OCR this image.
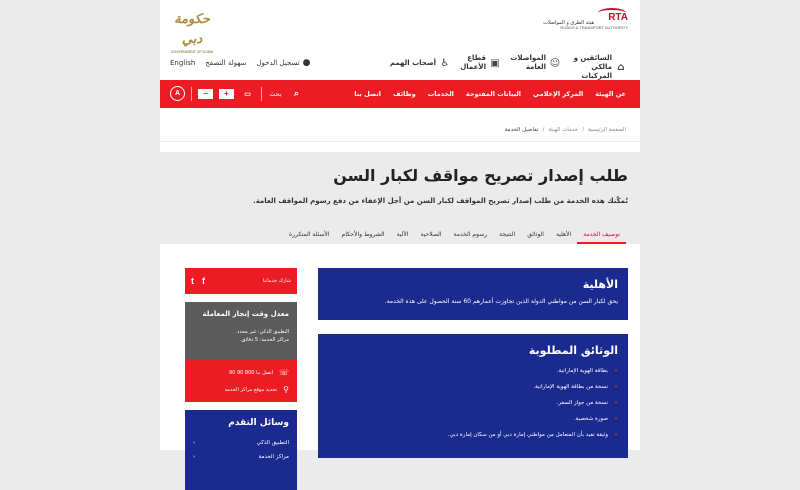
RTA
هيئة الطرق و المواصلات
ROADS & TRANSPORT AUTHORITY
حكومة دبي
GOVERNMENT OF DUBAI
⌂
السائقين و مالكي المركبات
☺
المواصلات العامة
▣
قطاع الأعمال
♿
أصحاب الهمم
English سهولة التصفح تسجيل الدخول ●
عن الهيئة
المركز الإعلامي
البيانات المفتوحة
الخدمات
وظائف
اتصل بنا
A	−	+	▭	بحث	⌕
الصفحة الرئيسية
/
خدمات الهيئة
/
تفاصيل الخدمة
طلب إصدار تصريح مواقف لكبار السن
تُمكّنك هذه الخدمة من طلب إصدار تصريح المواقف لكبار السن من أجل الإعفاء من دفع رسوم المواقف العامة.
توصيف الخدمة
الأهلية
الوثائق
النتيجة
رسوم الخدمة
الصلاحية
الآلية
الشروط والأحكام
الأسئلة المتكررة
الأهلية

يحق لكبار السن من مواطني الدولة الذين تجاوزت أعمارهم 60 سنة الحصول على هذه الخدمة.

الوثائق المطلوبة
• بطاقة الهوية الإماراتية.
• نسخة من بطاقة الهوية الإماراتية.
• نسخة من جواز السفر.
• صورة شخصية.
• وثيقة تفيد بأن المتعامل من مواطني إمارة دبي أو من سكان إمارة دبي.
شارك خدماتنا
f
t
معدل وقت إنجاز المعاملة

التطبيق الذكي: غير محدد.

مراكز الخدمة: 5 دقائق.

☏
اتصل بنا 800 90 90
⚲
تحديد موقع مراكز الخدمة
وسائل التقدم
التطبيق الذكي
‹
مراكز الخدمة
‹
